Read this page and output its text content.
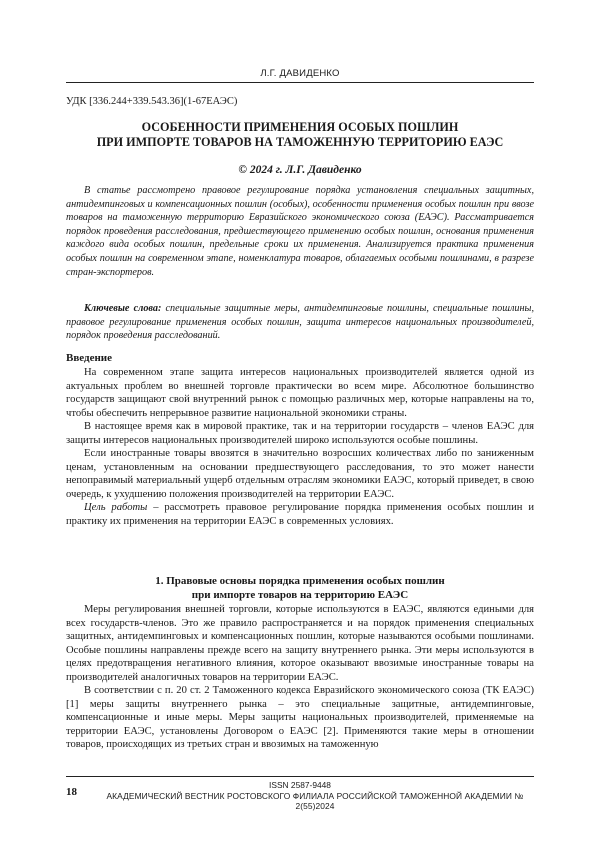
Л.Г. ДАВИДЕНКО
УДК [336.244+339.543.36](1-67ЕАЭС)
ОСОБЕННОСТИ ПРИМЕНЕНИЯ ОСОБЫХ ПОШЛИН
ПРИ ИМПОРТЕ ТОВАРОВ НА ТАМОЖЕННУЮ ТЕРРИТОРИЮ ЕАЭС
© 2024 г. Л.Г. Давиденко

В статье рассмотрено правовое регулирование порядка установления специальных защитных, антидемпинговых и компенсационных пошлин (особых), особенности применения особых пошлин при ввозе товаров на таможенную территорию Евразийского экономического союза (ЕАЭС). Рассматривается порядок проведения расследования, предшествующего применению особых пошлин, основания применения каждого вида особых пошлин, предельные сроки их применения. Анализируется практика применения особых пошлин на современном этапе, номенклатура товаров, облагаемых особыми пошлинами, в разрезе стран-экспортеров.

Ключевые слова: специальные защитные меры, антидемпинговые пошлины, специальные пошлины, правовое регулирование применения особых пошлин, защита интересов национальных производителей, порядок проведения расследований.

Введение

На современном этапе защита интересов национальных производителей является одной из актуальных проблем во внешней торговле практически во всем мире. Абсолютное большинство государств защищают свой внутренний рынок с помощью различных мер, которые направлены на то, чтобы обеспечить непрерывное развитие национальной экономики страны.

В настоящее время как в мировой практике, так и на территории государств – членов ЕАЭС для защиты интересов национальных производителей широко используются особые пошлины.

Если иностранные товары ввозятся в значительно возросших количествах либо по заниженным ценам, установленным на основании предшествующего расследования, то это может нанести непоправимый материальный ущерб отдельным отраслям экономики ЕАЭС, который приведет, в свою очередь, к ухудшению положения производителей на территории ЕАЭС.

Цель работы – рассмотреть правовое регулирование порядка применения особых пошлин и практику их применения на территории ЕАЭС в современных условиях.

1. Правовые основы порядка применения особых пошлин
при импорте товаров на территорию ЕАЭС

Меры регулирования внешней торговли, которые используются в ЕАЭС, являются едиными для всех государств-членов. Это же правило распространяется и на порядок применения специальных защитных, антидемпинговых и компенсационных пошлин, которые называются особыми пошлинами. Особые пошлины направлены прежде всего на защиту внутреннего рынка. Эти меры используются в целях предотвращения негативного влияния, которое оказывают ввозимые иностранные товары на производителей аналогичных товаров на территории ЕАЭС.

В соответствии с п. 20 ст. 2 Таможенного кодекса Евразийского экономического союза (ТК ЕАЭС) [1] меры защиты внутреннего рынка – это специальные защитные, антидемпинговые, компенсационные и иные меры. Меры защиты национальных производителей, применяемые на территории ЕАЭС, установлены Договором о ЕАЭС [2]. Применяются такие меры в отношении товаров, происходящих из третьих стран и ввозимых на таможенную

18
ISSN 2587-9448
АКАДЕМИЧЕСКИЙ ВЕСТНИК РОСТОВСКОГО ФИЛИАЛА РОССИЙСКОЙ ТАМОЖЕННОЙ АКАДЕМИИ № 2(55)2024
